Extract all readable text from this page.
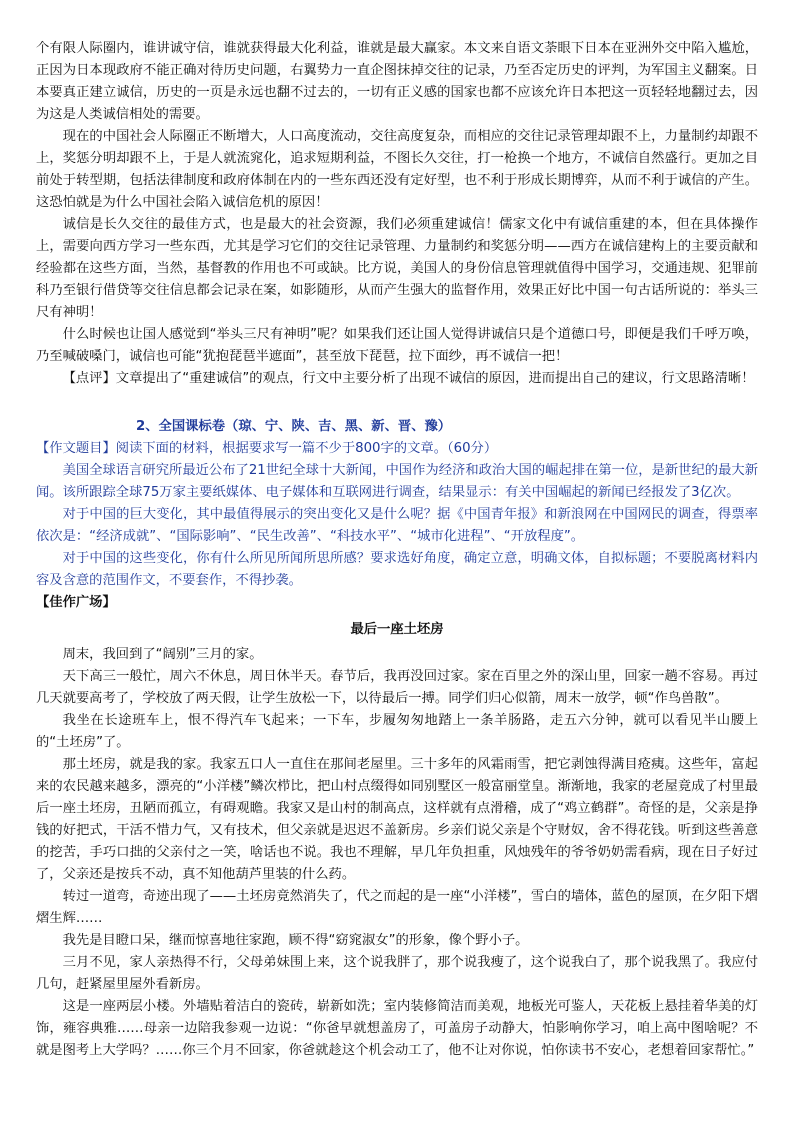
个有限人际圈内，谁讲诚守信，谁就获得最大化利益，谁就是最大赢家。本文来自语文荼眼下日本在亚洲外交中陷入尴尬，正因为日本现政府不能正确对待历史问题，右翼势力一直企图抹掉交往的记录，乃至否定历史的评判，为军国主义翻案。日本要真正建立诚信，历史的一页是永远也翻不过去的，一切有正义感的国家也都不应该允许日本把这一页轻轻地翻过去，因为这是人类诚信相处的需要。

现在的中国社会人际圈正不断增大，人口高度流动，交往高度复杂，而相应的交往记录管理却跟不上，力量制约却跟不上，奖惩分明却跟不上，于是人就流窕化，追求短期利益，不图长久交往，打一枪换一个地方，不诚信自然盛行。更加之目前处于转型期，包括法律制度和政府体制在内的一些东西还没有定好型，也不利于形成长期博弈，从而不利于诚信的产生。这恐怕就是为什么中国社会陷入诚信危机的原因！

诚信是长久交往的最佳方式，也是最大的社会资源，我们必须重建诚信！儒家文化中有诚信重建的本，但在具体操作上，需要向西方学习一些东西，尤其是学习它们的交往记录管理、力量制约和奖惩分明——西方在诚信建构上的主要贡献和经验都在这些方面，当然，基督教的作用也不可或缺。比方说，美国人的身份信息管理就值得中国学习，交通违规、犯罪前科乃至银行借贷等交往信息都会记录在案，如影随形，从而产生强大的监督作用，效果正好比中国一句古话所说的：举头三尺有神明！

什么时候也让国人感觉到“举头三尺有神明”呢？如果我们还让国人觉得讲诚信只是个道德口号，即便是我们千呼万唤，乃至喊破嗓门，诚信也可能“犹抱琵琶半遮面”，甚至放下琵琶，拉下面纱，再不诚信一把！

【点评】文章提出了“重建诚信”的观点，行文中主要分析了出现不诚信的原因，进而提出自己的建议，行文思路清晰！

2、全国课标卷（琼、宁、陕、吉、黑、新、晋、豫）

【作文题目】阅读下面的材料，根据要求写一篇不少于800字的文章。（60分）

美国全球语言研究所最近公布了21世纪全球十大新闻，中国作为经济和政治大国的崛起排在第一位，是新世纪的最大新闻。该所跟踪全球75万家主要纸媒体、电子媒体和互联网进行调查，结果显示：有关中国崛起的新闻已经报发了3亿次。

对于中国的巨大变化，其中最值得展示的突出变化又是什么呢？据《中国青年报》和新浪网在中国网民的调查，得票率依次是：“经济成就”、“国际影响”、“民生改善”、“科技水平”、“城市化进程”、“开放程度”。

对于中国的这些变化，你有什么所见所闻所思所感？要求选好角度，确定立意，明确文体，自拟标题；不要脱离材料内容及含意的范围作文，不要套作，不得抄袭。

【佳作广场】

最后一座土坯房

周末，我回到了“阔别”三月的家。

天下高三一般忙，周六不休息，周日休半天。春节后，我再没回过家。家在百里之外的深山里，回家一趟不容易。再过几天就要高考了，学校放了两天假，让学生放松一下，以待最后一搏。同学们归心似箭，周末一放学，顿“作鸟兽散”。

我坐在长途班车上，恨不得汽车飞起来；一下车，步履匆匆地踏上一条羊肠路，走五六分钟，就可以看见半山腰上的“土坯房”了。

那土坯房，就是我的家。我家五口人一直住在那间老屋里。三十多年的风霜雨雪，把它剥蚀得满目疮痍。这些年，富起来的农民越来越多，漂亮的“小洋楼”鳞次栉比，把山村点缀得如同别墅区一般富丽堂皇。渐渐地，我家的老屋竟成了村里最后一座土坯房，丑陋而孤立，有碍观瞻。我家又是山村的制高点，这样就有点滑稽，成了“鸡立鹤群”。奇怪的是，父亲是挣钱的好把式，干活不惜力气，又有技术，但父亲就是迟迟不盖新房。乡亲们说父亲是个守财奴，舍不得花钱。听到这些善意的挖苦，手巧口拙的父亲付之一笑，啥话也不说。我也不理解，早几年负担重，风烛残年的爷爷奶奶需看病，现在日子好过了，父亲还是按兵不动，真不知他葫芦里装的什么药。

转过一道弯，奇迹出现了——土坯房竟然消失了，代之而起的是一座“小洋楼”，雪白的墙体，蓝色的屋顶，在夕阳下熠熠生辉……

我先是目瞪口呆，继而惊喜地往家跑，顾不得“窈窕淑女”的形象，像个野小子。

三月不见，家人亲热得不行，父母弟妹围上来，这个说我胖了，那个说我瘦了，这个说我白了，那个说我黑了。我应付几句，赶紧屋里屋外看新房。

这是一座两层小楼。外墙贴着洁白的瓷砖，崭新如洗；室内装修简洁而美观，地板光可鉴人，天花板上悬挂着华美的灯饰，雍容典雅……母亲一边陪我参观一边说：“你爸早就想盖房了，可盖房子动静大，怕影响你学习，咱上高中图啥呢？不就是图考上大学吗？……你三个月不回家，你爸就趁这个机会动工了，他不让对你说，怕你读书不安心，老想着回家帮忙。”
